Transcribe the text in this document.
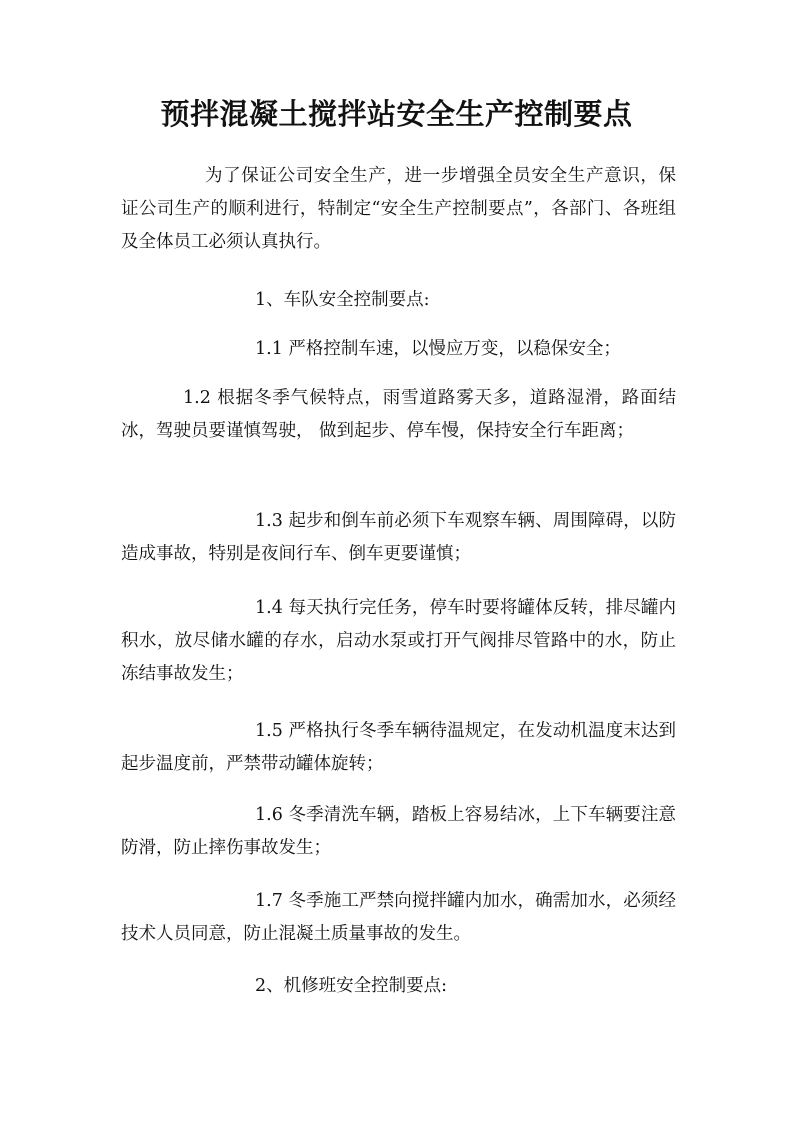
预拌混凝土搅拌站安全生产控制要点
为了保证公司安全生产，进一步增强全员安全生产意识，保证公司生产的顺利进行，特制定“安全生产控制要点”，各部门、各班组及全体员工必须认真执行。
1、车队安全控制要点:
1.1 严格控制车速，以慢应万变，以稳保安全；
1.2 根据冬季气候特点，雨雪道路雾天多，道路湿滑，路面结冰，驾驶员要谨慎驾驶， 做到起步、停车慢，保持安全行车距离；
1.3 起步和倒车前必须下车观察车辆、周围障碍，以防造成事故，特别是夜间行车、倒车更要谨慎；
1.4 每天执行完任务，停车时要将罐体反转，排尽罐内积水，放尽储水罐的存水，启动水泵或打开气阀排尽管路中的水，防止冻结事故发生；
1.5 严格执行冬季车辆待温规定，在发动机温度末达到起步温度前，严禁带动罐体旋转；
1.6 冬季清洗车辆，踏板上容易结冰，上下车辆要注意防滑，防止摔伤事故发生；
1.7 冬季施工严禁向搅拌罐内加水，确需加水，必须经技术人员同意，防止混凝土质量事故的发生。
2、机修班安全控制要点:
